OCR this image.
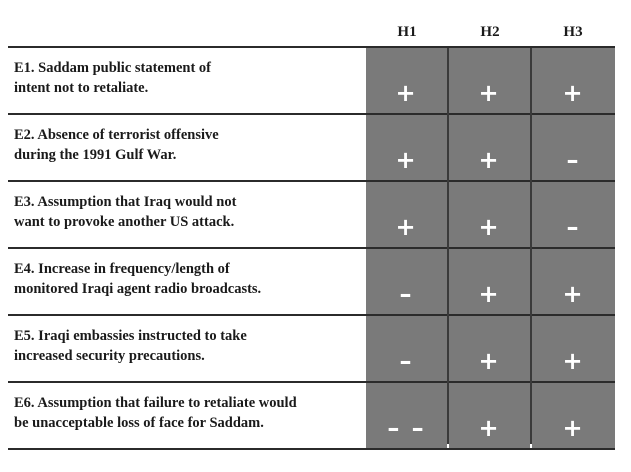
H1	H2	H3
E1. Saddam public statement of
intent not to retaliate.	+	+	+
E2. Absence of terrorist offensive
during the 1991 Gulf War.	+	+	–
E3. Assumption that Iraq would not
want to provoke another US attack.	+	+	–
E4. Increase in frequency/length of
monitored Iraqi agent radio broadcasts.	–	+	+
E5. Iraqi embassies instructed to take
increased security precautions.	–	+	+
E6. Assumption that failure to retaliate would
be unacceptable loss of face for Saddam.	– –	+	+
